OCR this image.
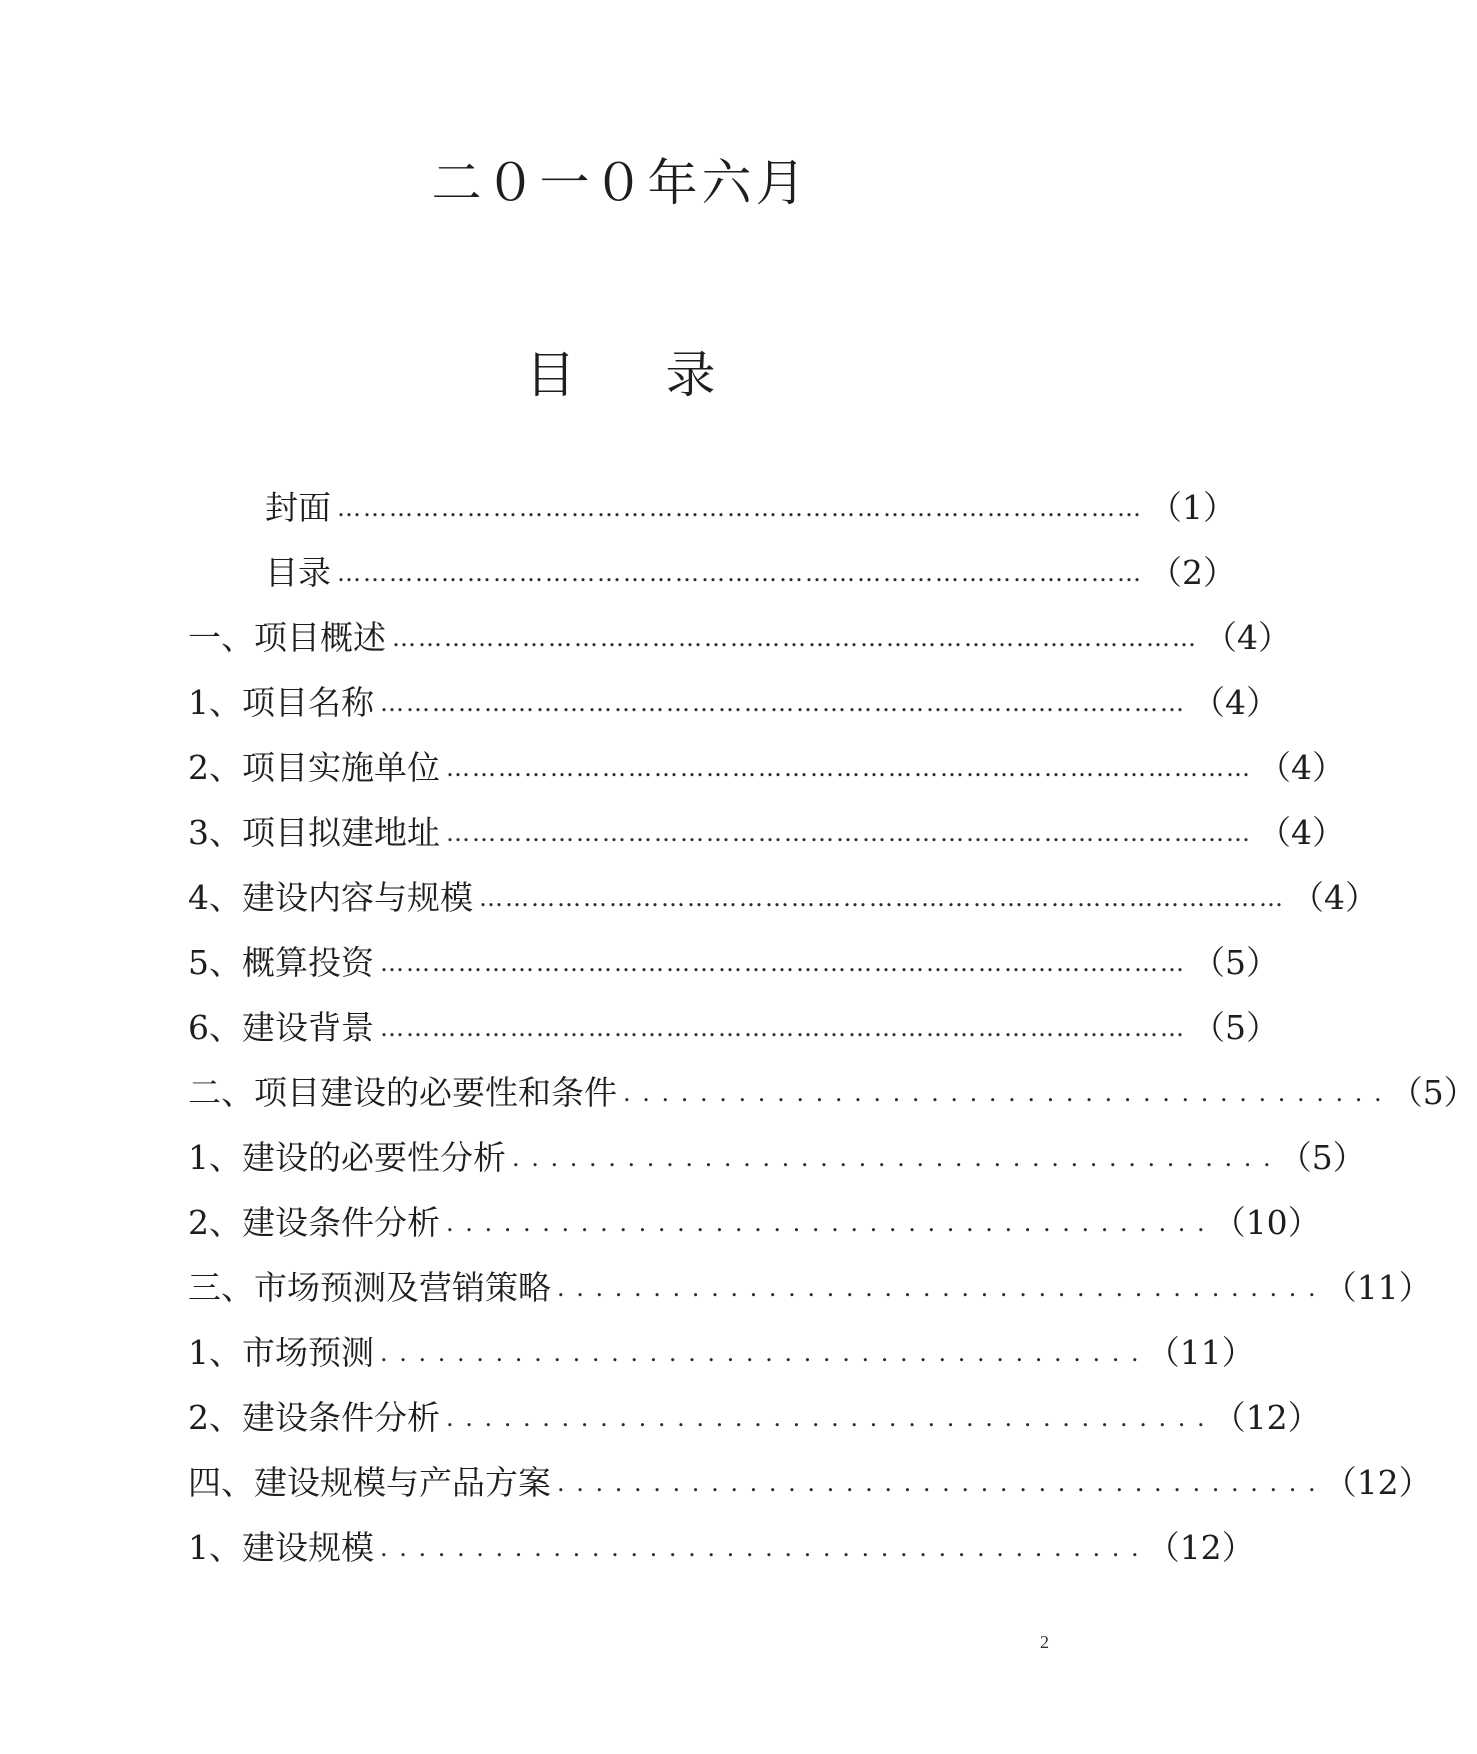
二０一０年六月
目 录
封面 ………………………………………………………………………………… （1）
目录 ………………………………………………………………………………… （2）
一、项目概述 ………………………………………………………………………………… （4）
1、项目名称 ………………………………………………………………………………… （4）
2、项目实施单位 ………………………………………………………………………………… （4）
3、项目拟建地址 ………………………………………………………………………………… （4）
4、建设内容与规模 ………………………………………………………………………………… （4）
5、概算投资 ………………………………………………………………………………… （5）
6、建设背景 ………………………………………………………………………………… （5）
二、项目建设的必要性和条件 . . . . . . . . . . . . . . . . . . . . . . . . . . . . . . . . . . . . . . . . （5）
1、建设的必要性分析 . . . . . . . . . . . . . . . . . . . . . . . . . . . . . . . . . . . . . . . . （5）
2、建设条件分析 . . . . . . . . . . . . . . . . . . . . . . . . . . . . . . . . . . . . . . . . （10）
三、市场预测及营销策略 . . . . . . . . . . . . . . . . . . . . . . . . . . . . . . . . . . . . . . . . （11）
1、市场预测 . . . . . . . . . . . . . . . . . . . . . . . . . . . . . . . . . . . . . . . . （11）
2、建设条件分析 . . . . . . . . . . . . . . . . . . . . . . . . . . . . . . . . . . . . . . . . （12）
四、建设规模与产品方案 . . . . . . . . . . . . . . . . . . . . . . . . . . . . . . . . . . . . . . . . （12）
1、建设规模 . . . . . . . . . . . . . . . . . . . . . . . . . . . . . . . . . . . . . . . . （12）
2
